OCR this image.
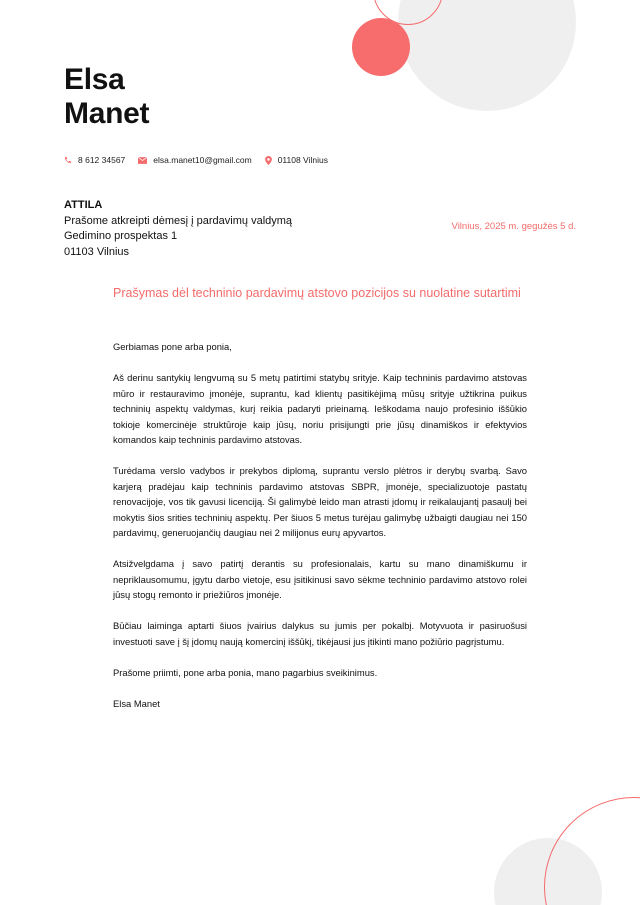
Elsa
Manet
8 612 34567	elsa.manet10@gmail.com	01108 Vilnius
ATTILA
Prašome atkreipti dėmesį į pardavimų valdymą
Gedimino prospektas 1
01103 Vilnius
Vilnius, 2025 m. gegužės 5 d.
Prašymas dėl techninio pardavimų atstovo pozicijos su nuolatine sutartimi

Gerbiamas pone arba ponia,

Aš derinu santykių lengvumą su 5 metų patirtimi statybų srityje. Kaip techninis pardavimo atstovas mūro ir restauravimo įmonėje, suprantu, kad klientų pasitikėjimą mūsų srityje užtikrina puikus techninių aspektų valdymas, kurį reikia padaryti prieinamą. Ieškodama naujo profesinio iššūkio tokioje komercinėje struktūroje kaip jūsų, noriu prisijungti prie jūsų dinamiškos ir efektyvios komandos kaip techninis pardavimo atstovas.

Turėdama verslo vadybos ir prekybos diplomą, suprantu verslo plėtros ir derybų svarbą. Savo karjerą pradėjau kaip techninis pardavimo atstovas SBPR, įmonėje, specializuotoje pastatų renovacijoje, vos tik gavusi licenciją. Ši galimybė leido man atrasti įdomų ir reikalaujantį pasaulį bei mokytis šios srities techninių aspektų. Per šiuos 5 metus turėjau galimybę užbaigti daugiau nei 150 pardavimų, generuojančių daugiau nei 2 milijonus eurų apyvartos.

Atsižvelgdama į savo patirtį derantis su profesionalais, kartu su mano dinamiškumu ir nepriklausomumu, įgytu darbo vietoje, esu įsitikinusi savo sėkme techninio pardavimo atstovo rolei jūsų stogų remonto ir priežiūros įmonėje.

Būčiau laiminga aptarti šiuos įvairius dalykus su jumis per pokalbį. Motyvuota ir pasiruošusi investuoti save į šį įdomų naują komercinį iššūkį, tikėjausi jus įtikinti mano požiūrio pagrįstumu.

Prašome priimti, pone arba ponia, mano pagarbius sveikinimus.

Elsa Manet
